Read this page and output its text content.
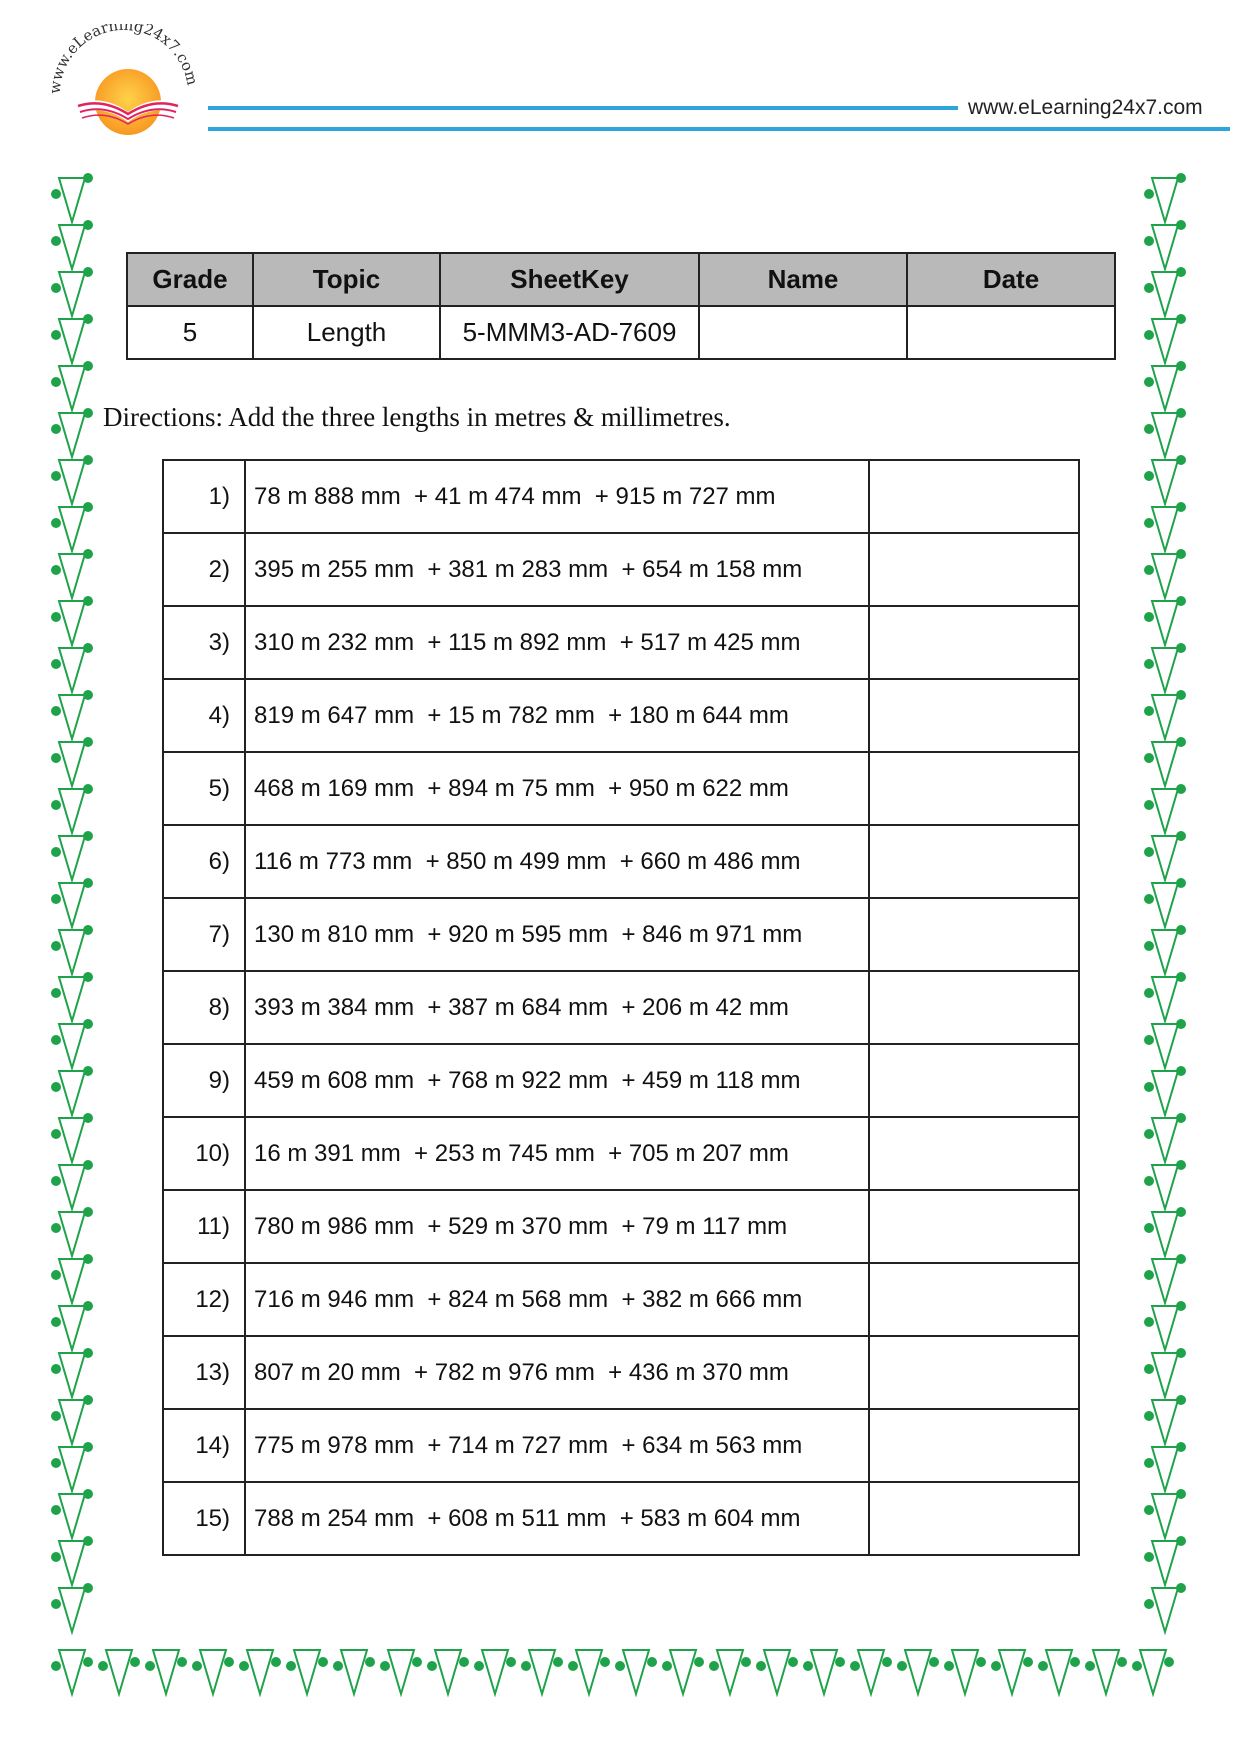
ww.eLearning24x7.com
www.eLearning24x7.com
Grade	Topic	SheetKey	Name	Date
5	Length	5-MMM3-AD-7609		
Directions: Add the three lengths in metres & millimetres.
1)	78 m 888 mm  + 41 m 474 mm  + 915 m 727 mm	
2)	395 m 255 mm  + 381 m 283 mm  + 654 m 158 mm	
3)	310 m 232 mm  + 115 m 892 mm  + 517 m 425 mm	
4)	819 m 647 mm  + 15 m 782 mm  + 180 m 644 mm	
5)	468 m 169 mm  + 894 m 75 mm  + 950 m 622 mm	
6)	116 m 773 mm  + 850 m 499 mm  + 660 m 486 mm	
7)	130 m 810 mm  + 920 m 595 mm  + 846 m 971 mm	
8)	393 m 384 mm  + 387 m 684 mm  + 206 m 42 mm	
9)	459 m 608 mm  + 768 m 922 mm  + 459 m 118 mm	
10)	16 m 391 mm  + 253 m 745 mm  + 705 m 207 mm	
11)	780 m 986 mm  + 529 m 370 mm  + 79 m 117 mm	
12)	716 m 946 mm  + 824 m 568 mm  + 382 m 666 mm	
13)	807 m 20 mm  + 782 m 976 mm  + 436 m 370 mm	
14)	775 m 978 mm  + 714 m 727 mm  + 634 m 563 mm	
15)	788 m 254 mm  + 608 m 511 mm  + 583 m 604 mm	
